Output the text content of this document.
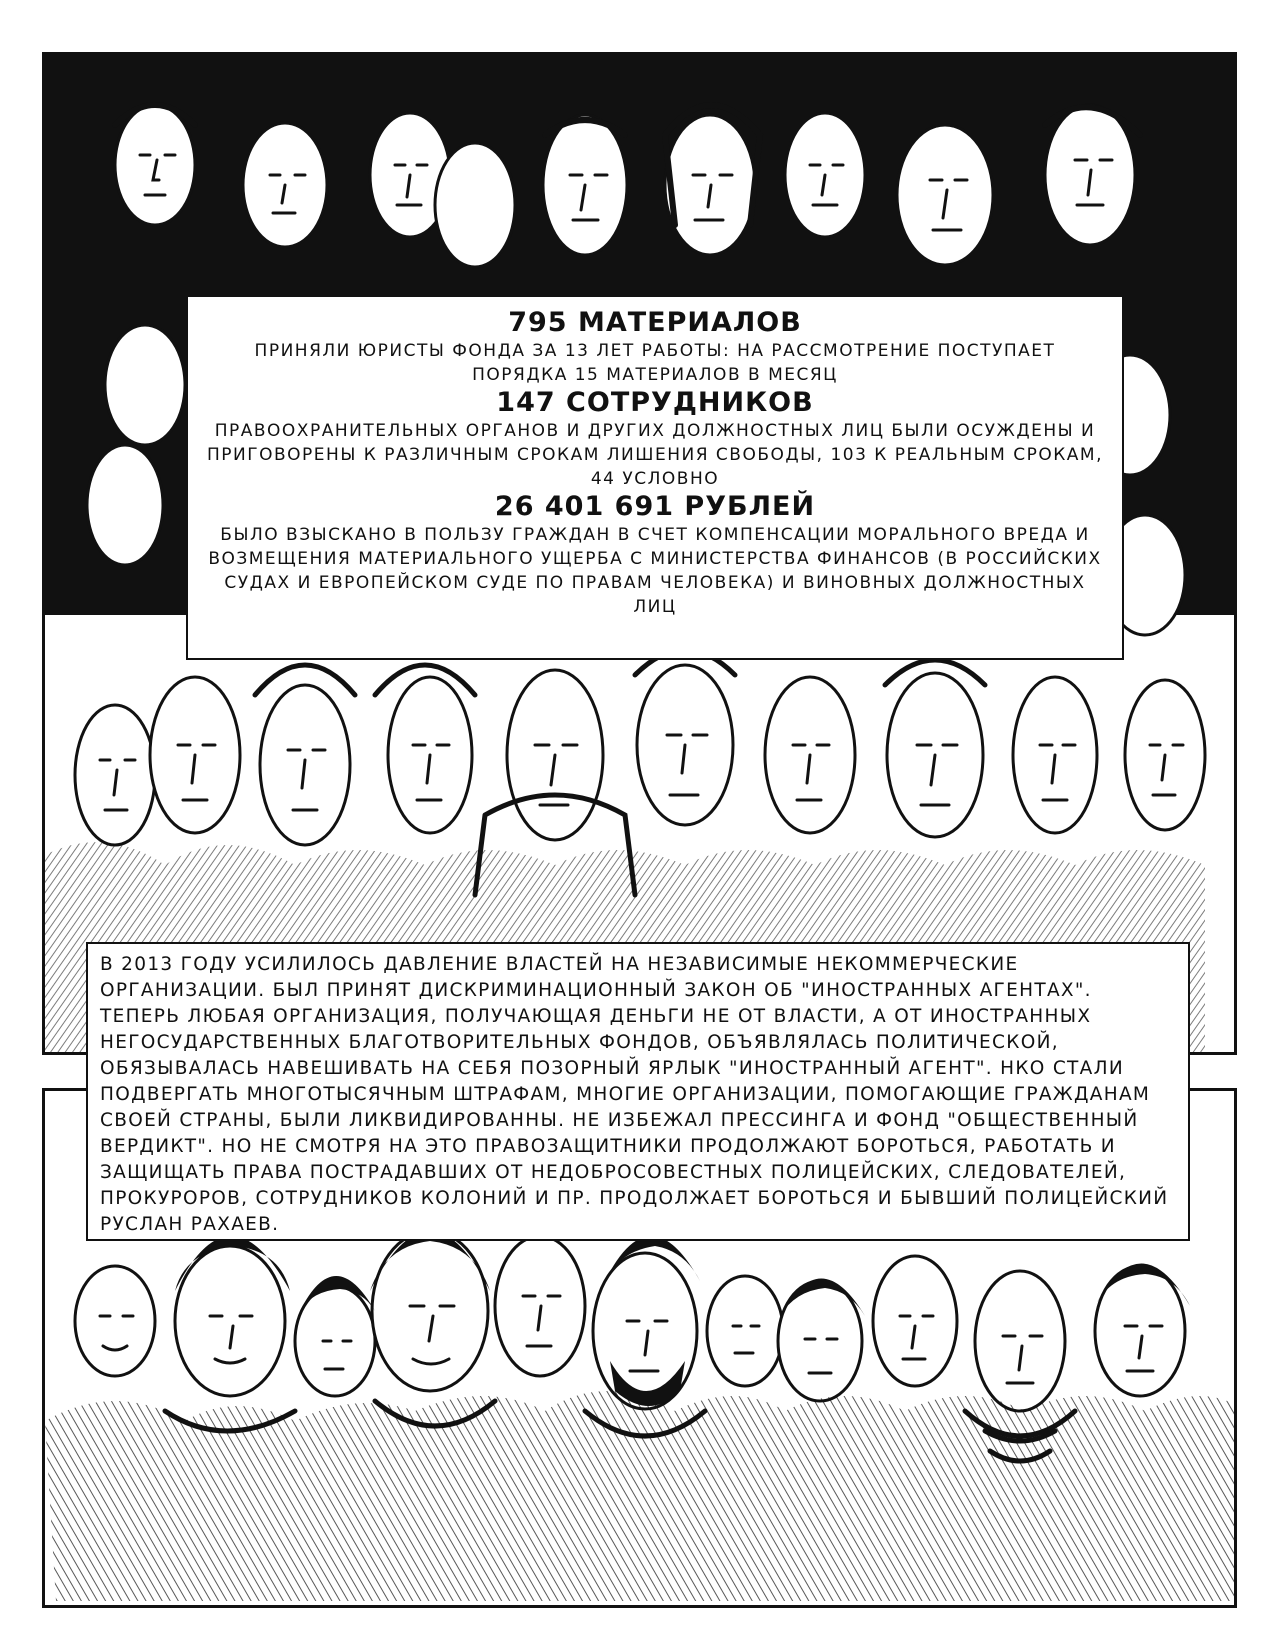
795 МАТЕРИАЛОВ
ПРИНЯЛИ ЮРИСТЫ ФОНДА ЗА 13 ЛЕТ РАБОТЫ: НА РАССМОТРЕНИЕ ПОСТУПАЕТ ПОРЯДКА 15 МАТЕРИАЛОВ В МЕСЯЦ
147 СОТРУДНИКОВ
ПРАВООХРАНИТЕЛЬНЫХ ОРГАНОВ И ДРУГИХ ДОЛЖНОСТНЫХ ЛИЦ БЫЛИ ОСУЖДЕНЫ И ПРИГОВОРЕНЫ К РАЗЛИЧНЫМ СРОКАМ ЛИШЕНИЯ СВОБОДЫ, 103 К РЕАЛЬНЫМ СРОКАМ, 44 УСЛОВНО
26 401 691 РУБЛЕЙ
БЫЛО ВЗЫСКАНО В ПОЛЬЗУ ГРАЖДАН В СЧЕТ КОМПЕНСАЦИИ МОРАЛЬНОГО ВРЕДА И ВОЗМЕЩЕНИЯ МАТЕРИАЛЬНОГО УЩЕРБА С МИНИСТЕРСТВА ФИНАНСОВ (В РОССИЙСКИХ СУДАХ И ЕВРОПЕЙСКОМ СУДЕ ПО ПРАВАМ ЧЕЛОВЕКА) И ВИНОВНЫХ ДОЛЖНОСТНЫХ ЛИЦ
В 2013 ГОДУ УСИЛИЛОСЬ ДАВЛЕНИЕ ВЛАСТЕЙ НА НЕЗАВИСИМЫЕ НЕКОММЕРЧЕСКИЕ ОРГАНИЗАЦИИ. БЫЛ ПРИНЯТ ДИСКРИМИНАЦИОННЫЙ ЗАКОН ОБ "ИНОСТРАННЫХ АГЕНТАХ". ТЕПЕРЬ ЛЮБАЯ ОРГАНИЗАЦИЯ, ПОЛУЧАЮЩАЯ ДЕНЬГИ НЕ ОТ ВЛАСТИ, А ОТ ИНОСТРАННЫХ НЕГОСУДАРСТВЕННЫХ БЛАГОТВОРИТЕЛЬНЫХ ФОНДОВ, ОБЪЯВЛЯЛАСЬ ПОЛИТИЧЕСКОЙ, ОБЯЗЫВАЛАСЬ НАВЕШИВАТЬ НА СЕБЯ ПОЗОРНЫЙ ЯРЛЫК "ИНОСТРАННЫЙ АГЕНТ". НКО СТАЛИ ПОДВЕРГАТЬ МНОГОТЫСЯЧНЫМ ШТРАФАМ, МНОГИЕ ОРГАНИЗАЦИИ, ПОМОГАЮЩИЕ ГРАЖДАНАМ СВОЕЙ СТРАНЫ, БЫЛИ ЛИКВИДИРОВАННЫ. НЕ ИЗБЕЖАЛ ПРЕССИНГА И ФОНД "ОБЩЕСТВЕННЫЙ ВЕРДИКТ". НО НЕ СМОТРЯ НА ЭТО ПРАВОЗАЩИТНИКИ ПРОДОЛЖАЮТ БОРОТЬСЯ, РАБОТАТЬ И ЗАЩИЩАТЬ ПРАВА ПОСТРАДАВШИХ ОТ НЕДОБРОСОВЕСТНЫХ ПОЛИЦЕЙСКИХ, СЛЕДОВАТЕЛЕЙ, ПРОКУРОРОВ, СОТРУДНИКОВ КОЛОНИЙ И ПР. ПРОДОЛЖАЕТ БОРОТЬСЯ И БЫВШИЙ ПОЛИЦЕЙСКИЙ РУСЛАН РАХАЕВ.
